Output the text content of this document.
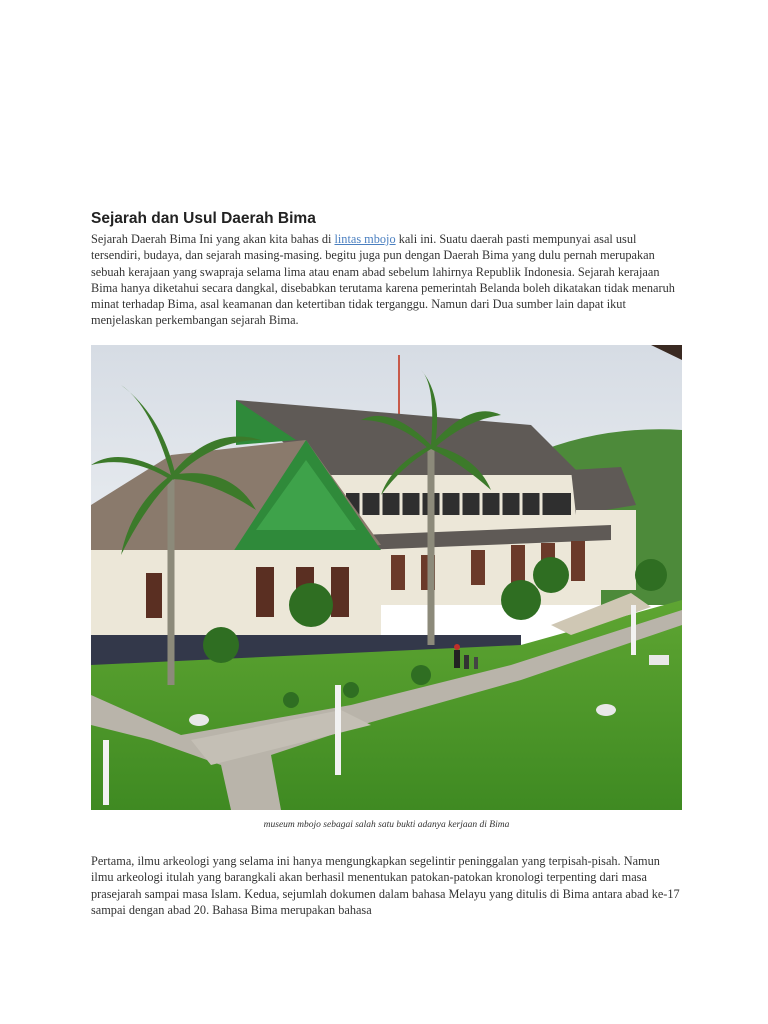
Sejarah dan Usul Daerah Bima

Sejarah Daerah Bima Ini yang akan kita bahas di lintas mbojo kali ini. Suatu daerah pasti mempunyai asal usul tersendiri, budaya, dan sejarah masing-masing. begitu juga pun dengan Daerah Bima yang dulu pernah merupakan sebuah kerajaan yang swapraja selama lima atau enam abad sebelum lahirnya Republik Indonesia. Sejarah kerajaan Bima hanya diketahui secara dangkal, disebabkan terutama karena pemerintah Belanda boleh dikatakan tidak menaruh minat terhadap Bima, asal keamanan dan ketertiban tidak terganggu. Namun dari Dua sumber lain dapat ikut menjelaskan perkembangan sejarah Bima.

museum mbojo sebagai salah satu bukti adanya kerjaan di Bima

Pertama, ilmu arkeologi yang selama ini hanya mengungkapkan segelintir peninggalan yang terpisah-pisah. Namun ilmu arkeologi itulah yang barangkali akan berhasil menentukan patokan-patokan kronologi terpenting dari masa prasejarah sampai masa Islam. Kedua, sejumlah dokumen dalam bahasa Melayu yang ditulis di Bima antara abad ke-17 sampai dengan abad 20. Bahasa Bima merupakan bahasa
